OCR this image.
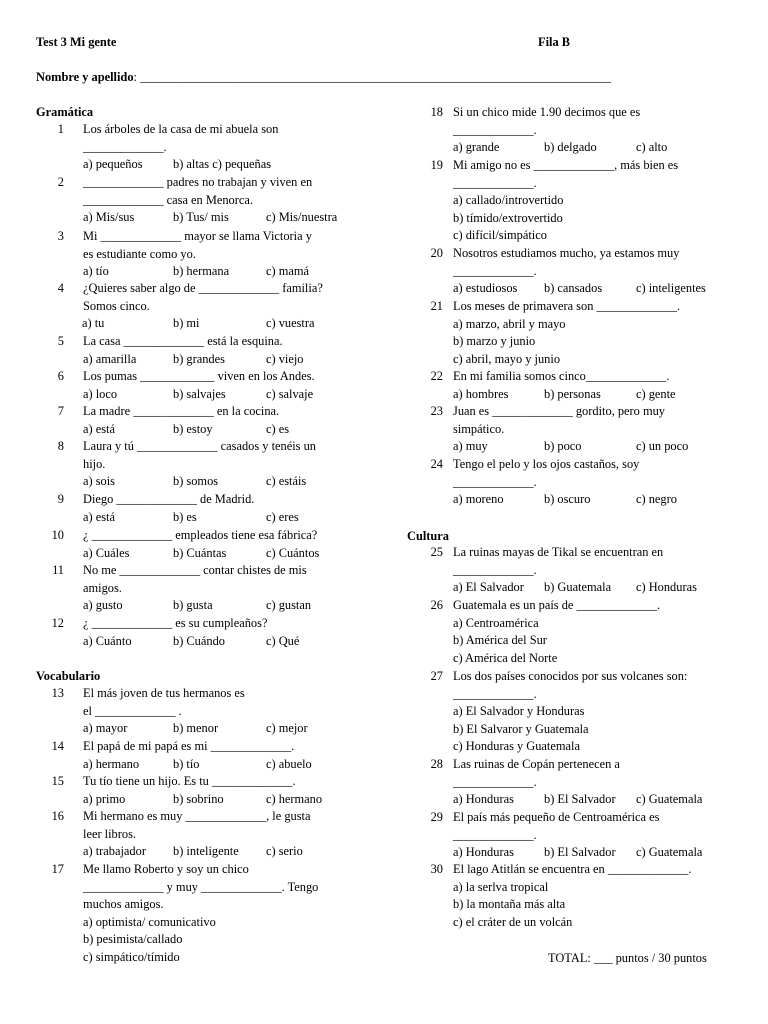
Test 3 Mi gente	Fila B
Nombre y apellido: ____________________________________________________________________________
Gramática
Vocabulario
Cultura
1 Los árboles de la casa de mi abuela son
_____________.
a) pequeños b) altas c) pequeñas
2 _____________ padres no trabajan y viven en
_____________ casa en Menorca.
a) Mis/sus	b) Tus/ mis	c) Mis/nuestra
3 Mi _____________ mayor se llama Victoria y
es estudiante como yo.
a) tío	b) hermana	c) mamá
4 ¿Quieres saber algo de _____________ familia?
Somos cinco.
a) tu	b) mi	c) vuestra
5 La casa _____________ está la esquina.
a) amarilla	b) grandes	c) viejo
6 Los pumas ____________ viven en los Andes.
a) loco	b) salvajes	c) salvaje
7 La madre _____________ en la cocina.
a) está	b) estoy	c) es
8 Laura y tú _____________ casados y tenéis un
hijo.
a) sois	b) somos	c) estáis
9 Diego _____________ de Madrid.
a) está	b) es	c) eres
10 ¿ _____________ empleados tiene esa fábrica?
a) Cuáles	b) Cuántas	c) Cuántos
11 No me _____________ contar chistes de mis
amigos.
a) gusto	b) gusta	c) gustan
12 ¿ _____________ es su cumpleaños?
a) Cuánto	b) Cuándo	c) Qué
13 El más joven de tus hermanos es
el _____________ .
a) mayor	b) menor	c) mejor
14 El papá de mi papá es mi _____________.
a) hermano	b) tío	c) abuelo
15 Tu tío tiene un hijo. Es tu _____________.
a) primo	b) sobrino	c) hermano
16 Mi hermano es muy _____________, le gusta
leer libros.
a) trabajador b) inteligente c) serio
17 Me llamo Roberto y soy un chico
_____________ y muy _____________. Tengo
muchos amigos.
a) optimista/ comunicativo
b) pesimista/callado
c) simpático/tímido
18 Si un chico mide 1.90 decimos que es
_____________.
a) grande	b) delgado	c) alto
19 Mi amigo no es _____________, más bien es
_____________.
a) callado/introvertido
b) tímido/extrovertido
c) difícil/simpático
20 Nosotros estudiamos mucho, ya estamos muy
_____________.
a) estudiosos b) cansados	c) inteligentes
21 Los meses de primavera son _____________.
a) marzo, abril y mayo
b) marzo y junio
c) abril, mayo y junio
22 En mi familia somos cinco_____________.
a) hombres	b) personas	c) gente
23 Juan es _____________ gordito, pero muy
simpático.
a) muy	b) poco	c) un poco
24 Tengo el pelo y los ojos castaños, soy
_____________.
a) moreno	b) oscuro	c) negro
25 La ruinas mayas de Tikal se encuentran en
_____________.
a) El Salvador b) Guatemala c) Honduras
26 Guatemala es un país de _____________.
a) Centroamérica
b) América del Sur
c) América del Norte
27 Los dos países conocidos por sus volcanes son:
_____________.
a) El Salvador y Honduras
b) El Salvaror y Guatemala
c) Honduras y Guatemala
28 Las ruinas de Copán pertenecen a
_____________.
a) Honduras b) El Salvador c) Guatemala
29 El país más pequeño de Centroamérica es
_____________.
a) Honduras b) El Salvador c) Guatemala
30 El lago Atitlán se encuentra en _____________.
a) la serlva tropical
b) la montaña más alta
c) el cráter de un volcán
TOTAL: ___ puntos / 30 puntos
